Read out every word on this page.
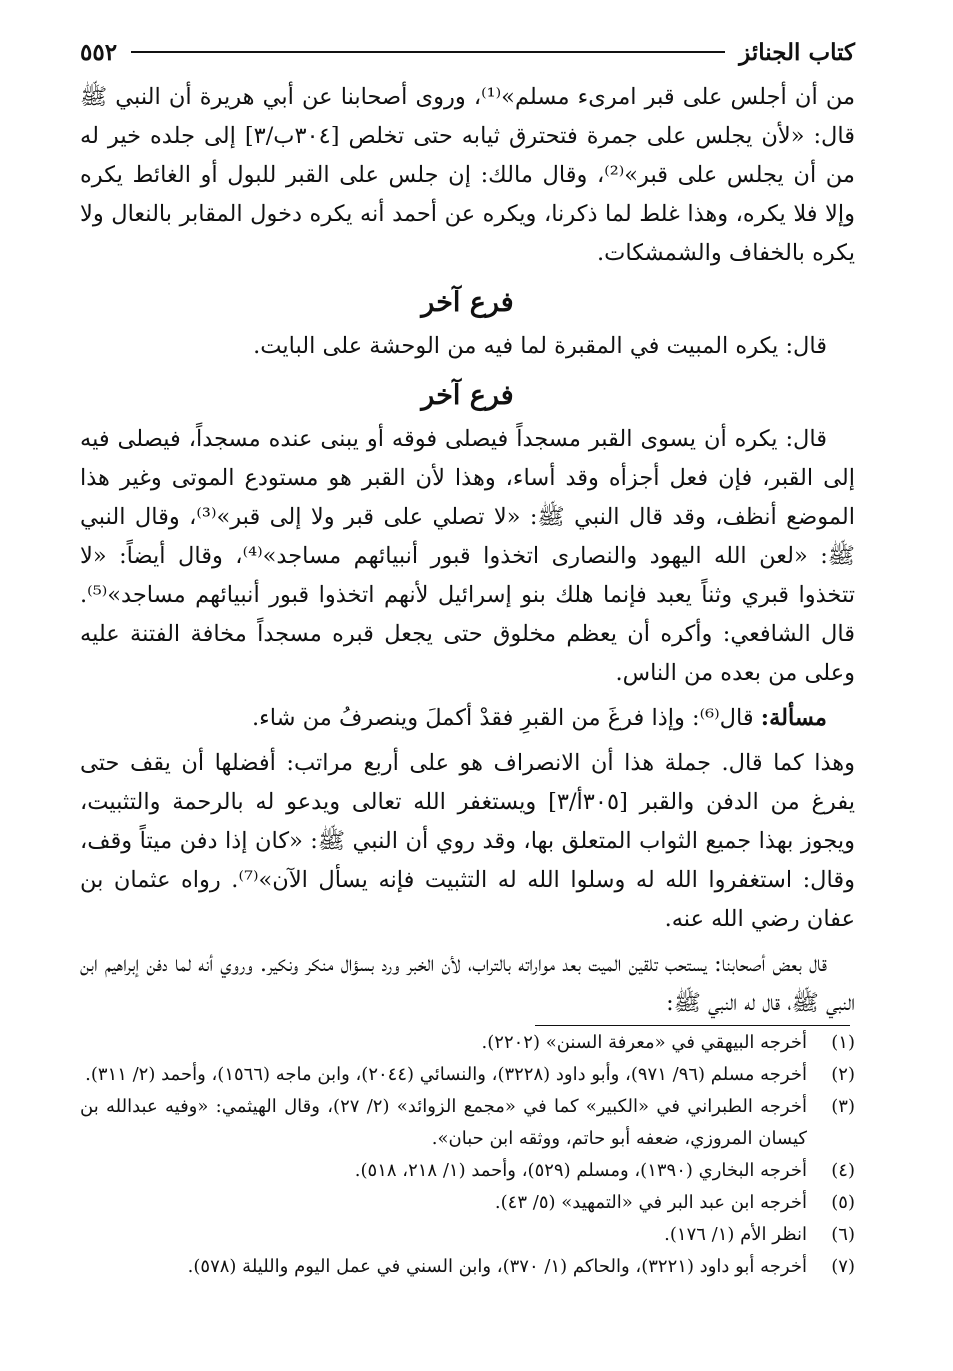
كتاب الجنائز
٥٥٢

من أن أجلس على قبر امرىء مسلم»⁽¹⁾، وروى أصحابنا عن أبي هريرة أن النبي ﷺ قال: «لأن يجلس على جمرة فتحترق ثيابه حتى تخلص [٣٠٤ب/٣] إلى جلده خير له من أن يجلس على قبر»⁽²⁾، وقال مالك: إن جلس على القبر للبول أو الغائط يكره وإلا فلا يكره، وهذا غلط لما ذكرنا، ويكره عن أحمد أنه يكره دخول المقابر بالنعال ولا يكره بالخفاف والشمشكات.

فرع آخر

قال: يكره المبيت في المقبرة لما فيه من الوحشة على البايت.

فرع آخر

قال: يكره أن يسوى القبر مسجداً فيصلى فوقه أو يبنى عنده مسجداً، فيصلى فيه إلى القبر، فإن فعل أجزأه وقد أساء، وهذا لأن القبر هو مستودع الموتى وغير هذا الموضع أنظف، وقد قال النبي ﷺ: «لا تصلي على قبر ولا إلى قبر»⁽³⁾، وقال النبي ﷺ: «لعن الله اليهود والنصارى اتخذوا قبور أنبيائهم مساجد»⁽⁴⁾، وقال أيضاً: «لا تتخذوا قبري وثناً يعبد فإنما هلك بنو إسرائيل لأنهم اتخذوا قبور أنبيائهم مساجد»⁽⁵⁾. قال الشافعي: وأكره أن يعظم مخلوق حتى يجعل قبره مسجداً مخافة الفتنة عليه وعلى من بعده من الناس.

مسألة: قال⁽⁶⁾: وإذا فرغَ من القبرِ فقدْ أكملَ وينصرفُ من شاء.

وهذا كما قال. جملة هذا أن الانصراف هو على أربع مراتب: أفضلها أن يقف حتى يفرغ من الدفن والقبر [٣٠٥أ/٣] ويستغفر الله تعالى ويدعو له بالرحمة والتثبيت، ويجوز بهذا جميع الثواب المتعلق بها، وقد روي أن النبي ﷺ: «كان إذا دفن ميتاً وقف، وقال: استغفروا الله له وسلوا الله له التثبيت فإنه يسأل الآن»⁽⁷⁾. رواه عثمان بن عفان رضي الله عنه.

قال بعض أصحابنا: يستحب تلقين الميت بعد مواراته بالتراب، لأن الخبر ورد بسؤال منكر ونكير. وروي أنه لما دفن إبراهيم ابن النبي ﷺ، قال له النبي ﷺ:

(١)
أخرجه البيهقي في «معرفة السنن» (٢٢٠٢).
(٢)
أخرجه مسلم (٩٦/ ٩٧١)، وأبو داود (٣٢٢٨)، والنسائي (٢٠٤٤)، وابن ماجه (١٥٦٦)، وأحمد (٢/ ٣١١).
(٣)
أخرجه الطبراني في «الكبير» كما في «مجمع الزوائد» (٢/ ٢٧)، وقال الهيثمي: «وفيه عبدالله بن كيسان المروزي، ضعفه أبو حاتم، ووثقه ابن حبان».
(٤)
أخرجه البخاري (١٣٩٠)، ومسلم (٥٢٩)، وأحمد (١/ ٢١٨، ٥١٨).
(٥)
أخرجه ابن عبد البر في «التمهيد» (٥/ ٤٣).
(٦)
انظر الأم (١/ ١٧٦).
(٧)
أخرجه أبو داود (٣٢٢١)، والحاكم (١/ ٣٧٠)، وابن السني في عمل اليوم والليلة (٥٧٨).
